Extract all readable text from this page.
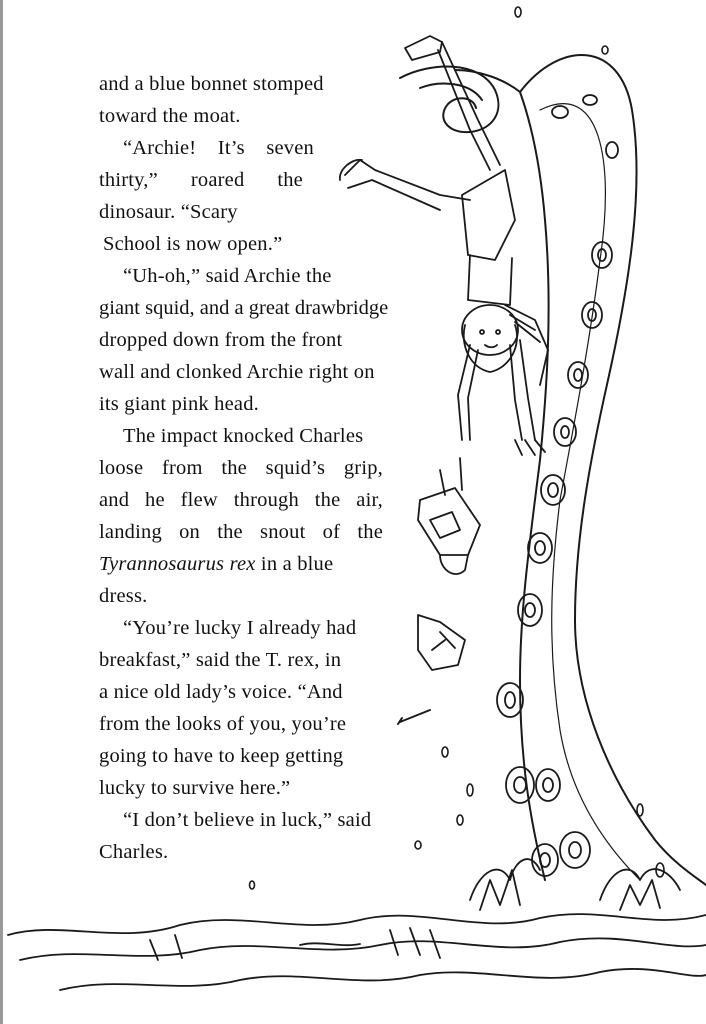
and a blue bonnet stomped
toward the moat.
“Archie! It’s seven
thirty,” roared the
dinosaur. “Scary
School is now open.”
“Uh-oh,” said Archie the
giant squid, and a great drawbridge
dropped down from the front
wall and clonked Archie right on
its giant pink head.
The impact knocked Charles
loose from the squid’s grip,
and he flew through the air,
landing on the snout of the
Tyrannosaurus rex in a blue
dress.
“You’re lucky I already had
breakfast,” said the T. rex, in
a nice old lady’s voice. “And
from the looks of you, you’re
going to have to keep getting
lucky to survive here.”
“I don’t believe in luck,” said
Charles.
